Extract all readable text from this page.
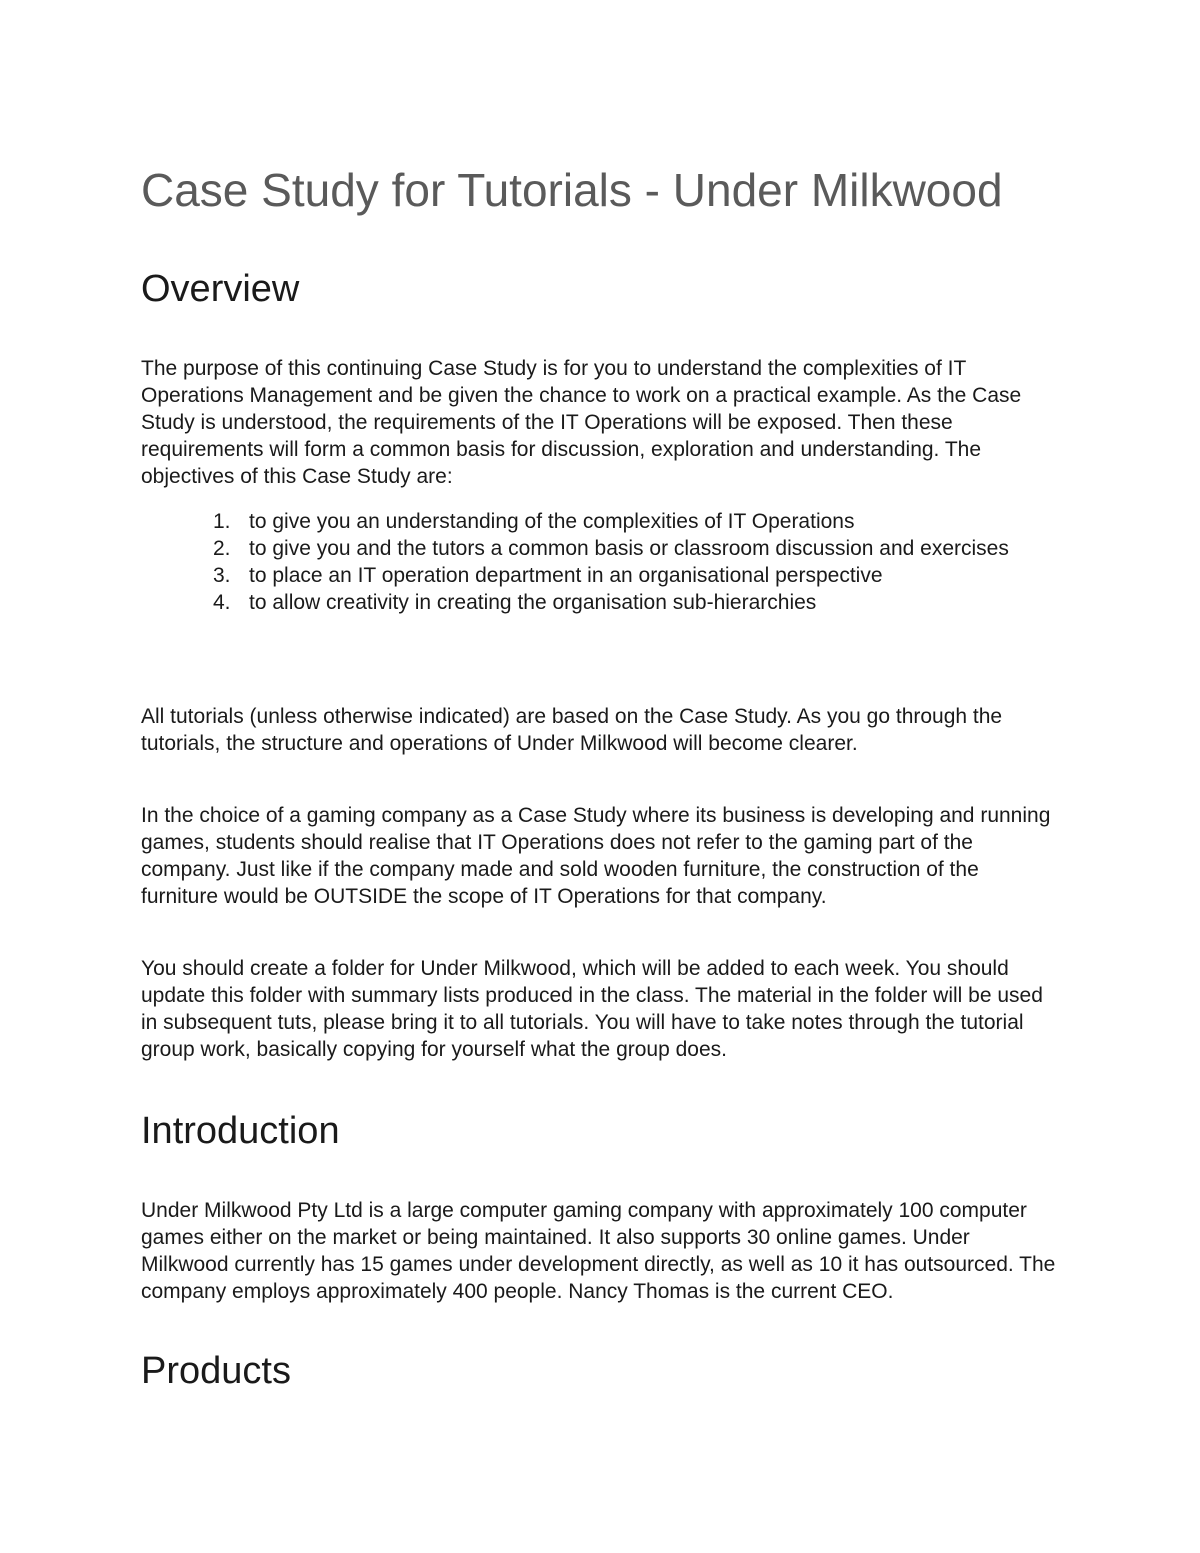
Case Study for Tutorials - Under Milkwood
Overview

The purpose of this continuing Case Study is for you to understand the complexities of IT Operations Management and be given the chance to work on a practical example. As the Case Study is understood, the requirements of the IT Operations will be exposed. Then these requirements will form a common basis for discussion, exploration and understanding. The objectives of this Case Study are:

1. to give you an understanding of the complexities of IT Operations
2. to give you and the tutors a common basis or classroom discussion and exercises
3. to place an IT operation department in an organisational perspective
4. to allow creativity in creating the organisation sub-hierarchies

All tutorials (unless otherwise indicated) are based on the Case Study. As you go through the tutorials, the structure and operations of Under Milkwood will become clearer.

In the choice of a gaming company as a Case Study where its business is developing and running games, students should realise that IT Operations does not refer to the gaming part of the company. Just like if the company made and sold wooden furniture, the construction of the furniture would be OUTSIDE the scope of IT Operations for that company.

You should create a folder for Under Milkwood, which will be added to each week. You should update this folder with summary lists produced in the class. The material in the folder will be used in subsequent tuts, please bring it to all tutorials. You will have to take notes through the tutorial group work, basically copying for yourself what the group does.

Introduction

Under Milkwood Pty Ltd is a large computer gaming company with approximately 100 computer games either on the market or being maintained. It also supports 30 online games. Under Milkwood currently has 15 games under development directly, as well as 10 it has outsourced. The company employs approximately 400 people. Nancy Thomas is the current CEO.

Products
